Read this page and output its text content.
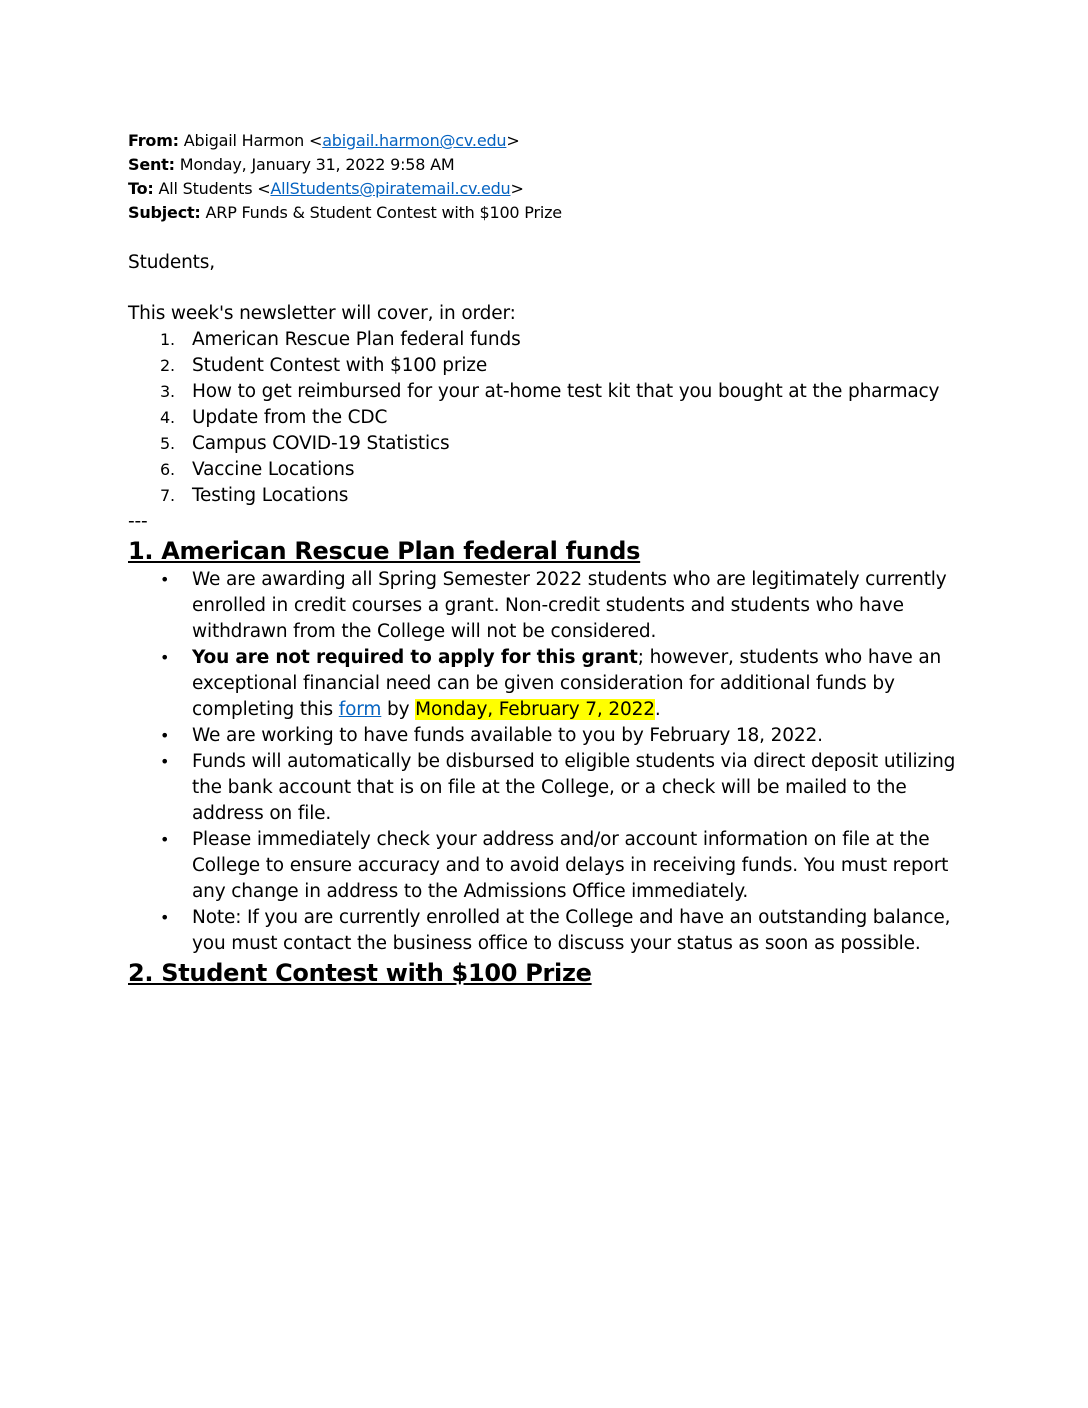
From: Abigail Harmon <abigail.harmon@cv.edu>
Sent: Monday, January 31, 2022 9:58 AM
To: All Students <AllStudents@piratemail.cv.edu>
Subject: ARP Funds & Student Contest with $100 Prize
Students,
This week's newsletter will cover, in order:
1. American Rescue Plan federal funds
2. Student Contest with $100 prize
3. How to get reimbursed for your at-home test kit that you bought at the pharmacy
4. Update from the CDC
5. Campus COVID-19 Statistics
6. Vaccine Locations
7. Testing Locations
---
1. American Rescue Plan federal funds
• We are awarding all Spring Semester 2022 students who are legitimately currently enrolled in credit courses a grant. Non-credit students and students who have withdrawn from the College will not be considered.
• You are not required to apply for this grant; however, students who have an exceptional financial need can be given consideration for additional funds by completing this form by Monday, February 7, 2022.
• We are working to have funds available to you by February 18, 2022.
• Funds will automatically be disbursed to eligible students via direct deposit utilizing the bank account that is on file at the College, or a check will be mailed to the address on file.
• Please immediately check your address and/or account information on file at the College to ensure accuracy and to avoid delays in receiving funds. You must report any change in address to the Admissions Office immediately.
• Note: If you are currently enrolled at the College and have an outstanding balance, you must contact the business office to discuss your status as soon as possible.
2. Student Contest with $100 Prize
